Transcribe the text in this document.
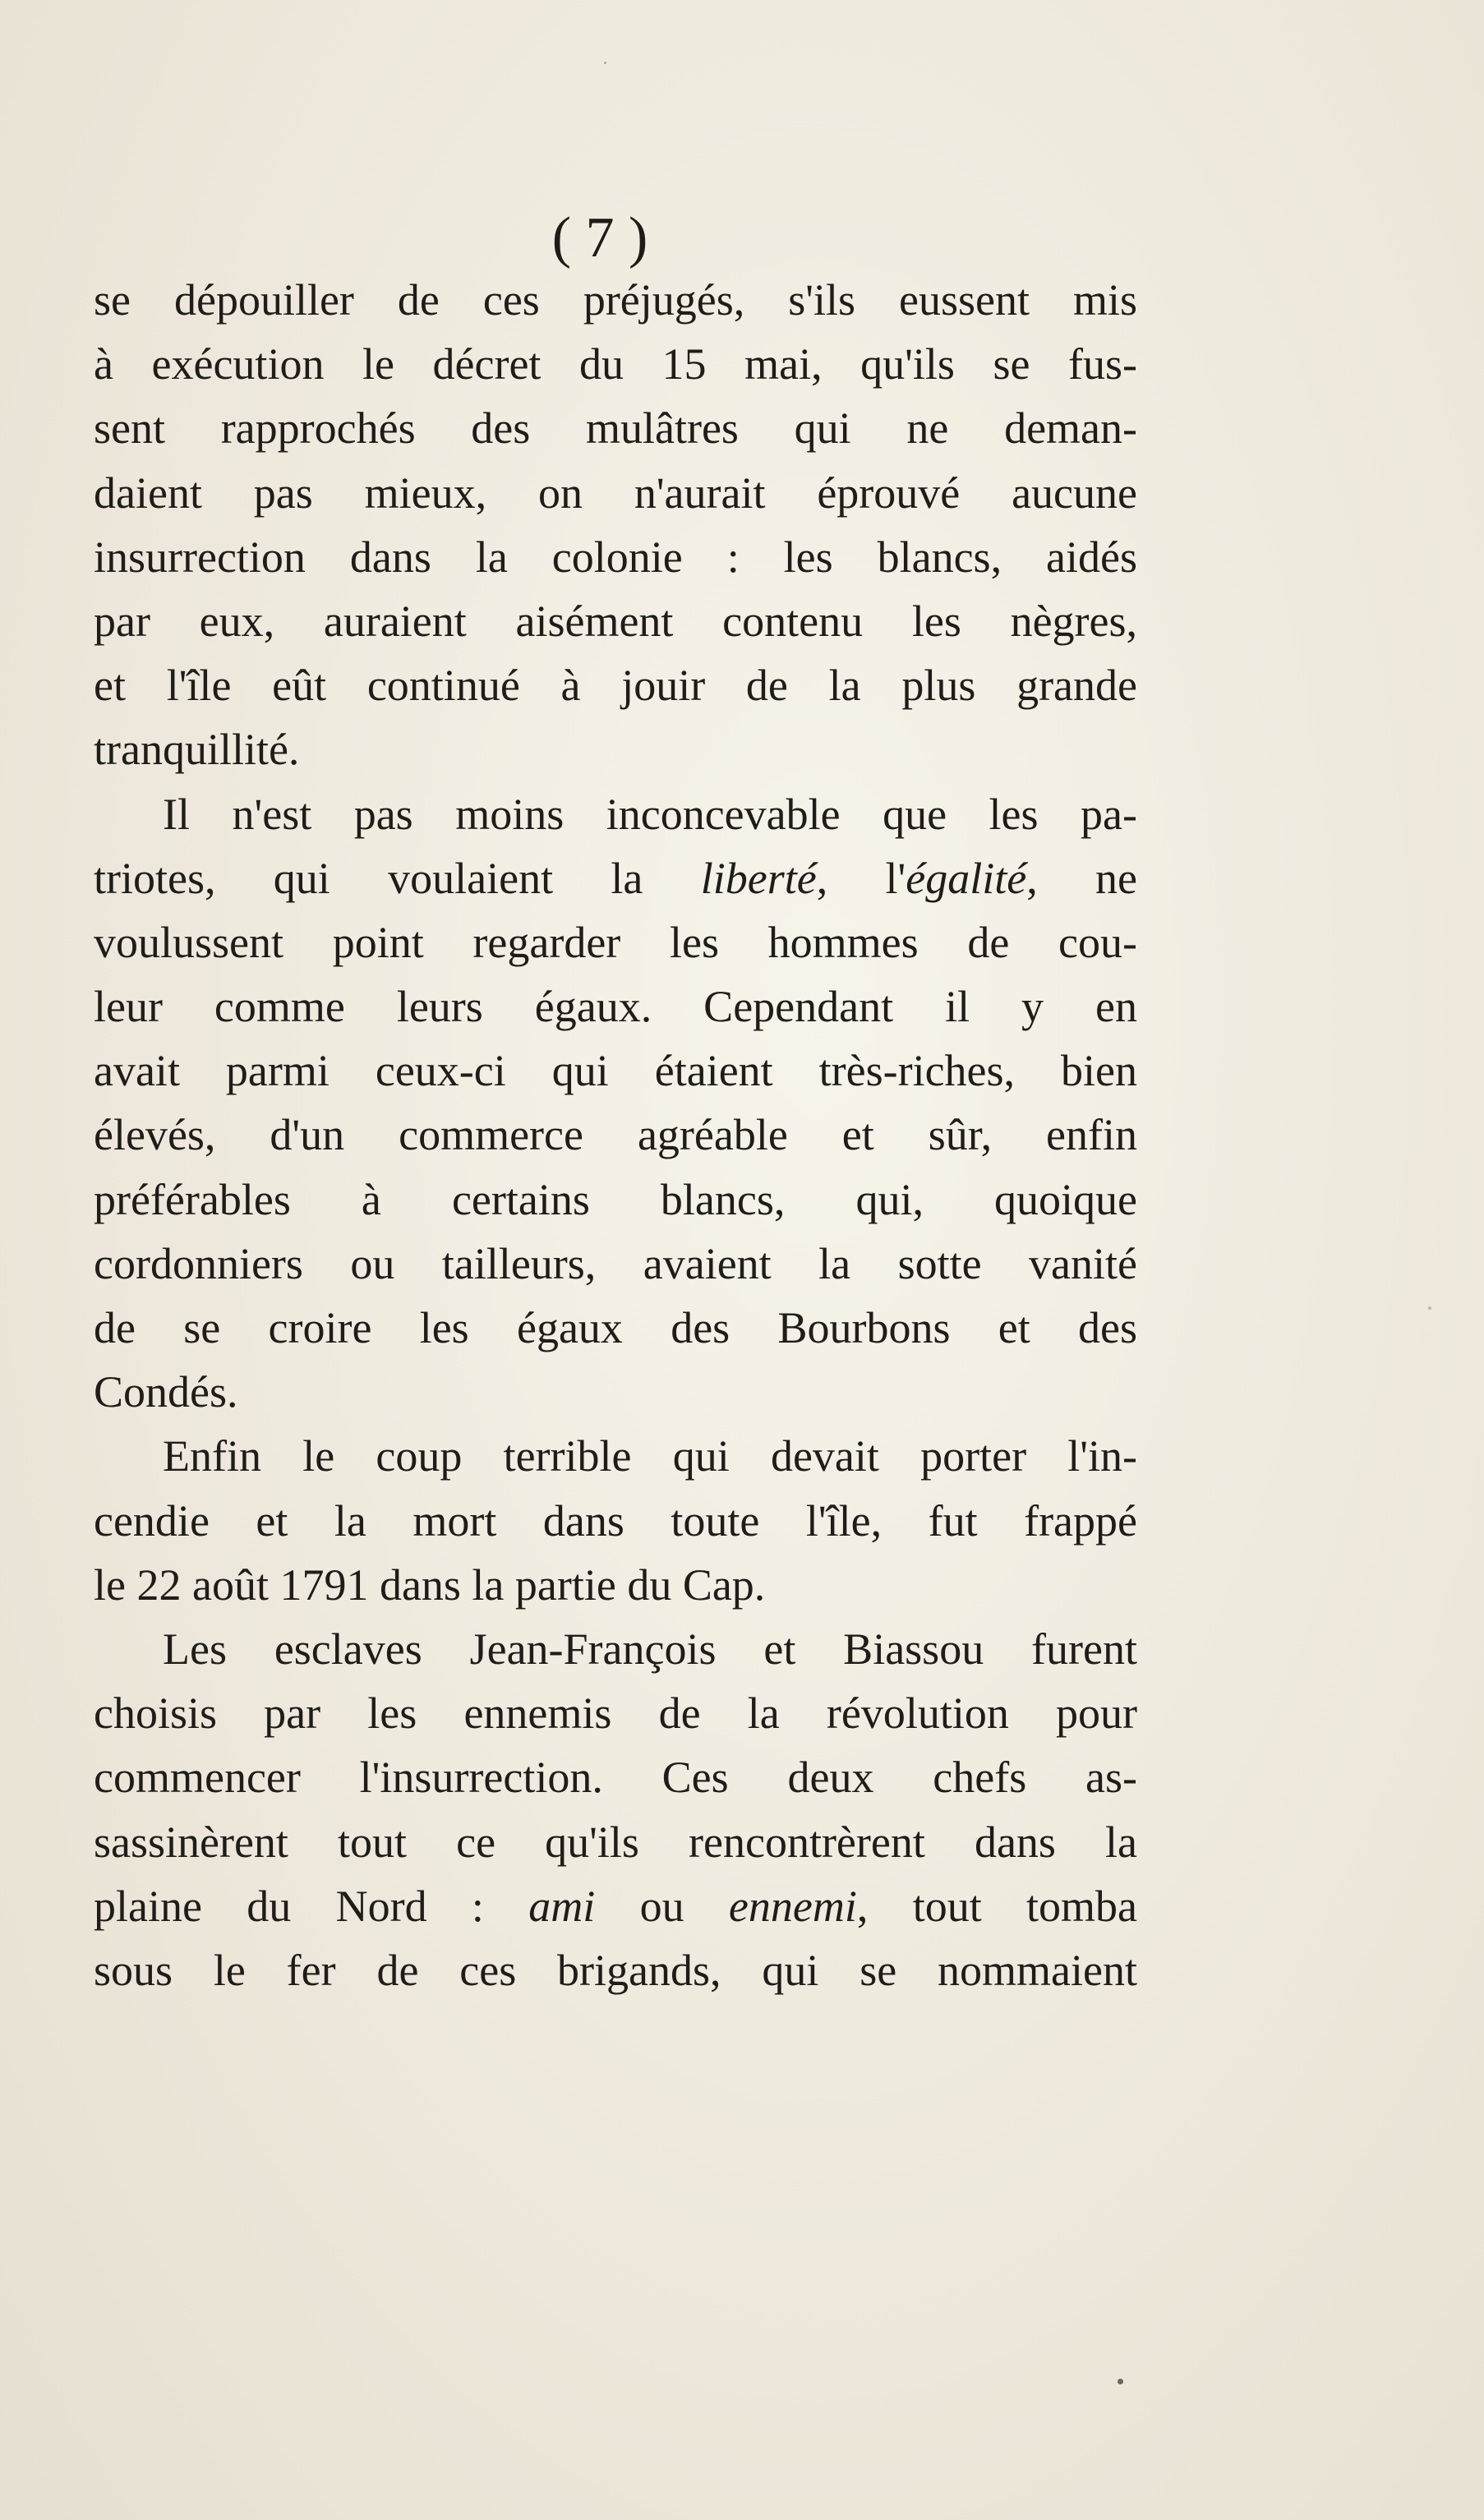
( 7 )
se dépouiller de ces préjugés, s'ils eussent mis
à exécution le décret du 15 mai, qu'ils se fus-
sent rapprochés des mulâtres qui ne deman-
daient pas mieux, on n'aurait éprouvé aucune
insurrection dans la colonie : les blancs, aidés
par eux, auraient aisément contenu les nègres,
et l'île eût continué à jouir de la plus grande
tranquillité.
Il n'est pas moins inconcevable que les pa-
triotes, qui voulaient la liberté, l'égalité, ne
voulussent point regarder les hommes de cou-
leur comme leurs égaux. Cependant il y en
avait parmi ceux-ci qui étaient très-riches, bien
élevés, d'un commerce agréable et sûr, enfin
préférables à certains blancs, qui, quoique
cordonniers ou tailleurs, avaient la sotte vanité
de se croire les égaux des Bourbons et des
Condés.
Enfin le coup terrible qui devait porter l'in-
cendie et la mort dans toute l'île, fut frappé
le 22 août 1791 dans la partie du Cap.
Les esclaves Jean-François et Biassou furent
choisis par les ennemis de la révolution pour
commencer l'insurrection. Ces deux chefs as-
sassinèrent tout ce qu'ils rencontrèrent dans la
plaine du Nord : ami ou ennemi, tout tomba
sous le fer de ces brigands, qui se nommaient
